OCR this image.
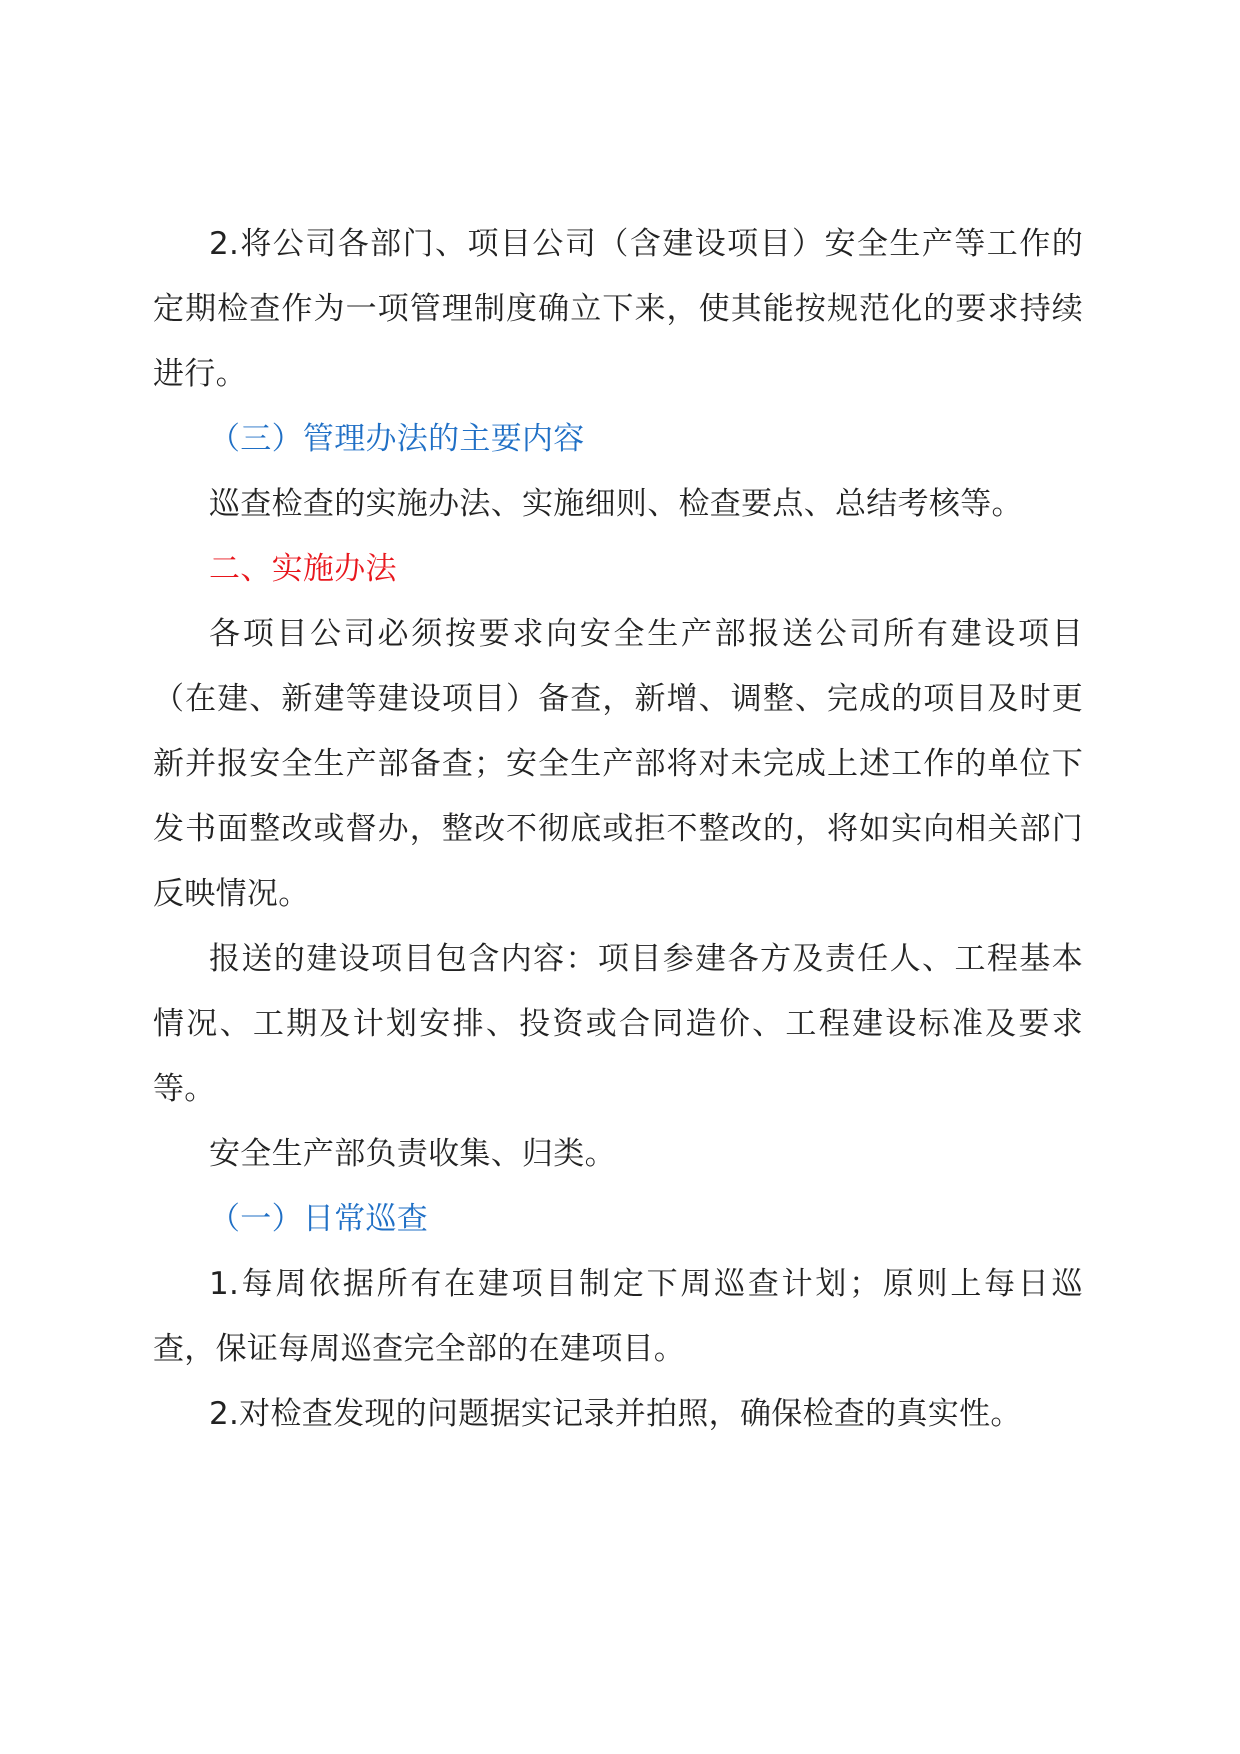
2.将公司各部门、项目公司（含建设项目）安全生产等工作的定期检查作为一项管理制度确立下来，使其能按规范化的要求持续进行。

（三）管理办法的主要内容

巡查检查的实施办法、实施细则、检查要点、总结考核等。

二、实施办法

各项目公司必须按要求向安全生产部报送公司所有建设项目（在建、新建等建设项目）备查，新增、调整、完成的项目及时更新并报安全生产部备查；安全生产部将对未完成上述工作的单位下发书面整改或督办，整改不彻底或拒不整改的，将如实向相关部门反映情况。

报送的建设项目包含内容：项目参建各方及责任人、工程基本情况、工期及计划安排、投资或合同造价、工程建设标准及要求等。

安全生产部负责收集、归类。

（一）日常巡查

1.每周依据所有在建项目制定下周巡查计划；原则上每日巡查，保证每周巡查完全部的在建项目。

2.对检查发现的问题据实记录并拍照，确保检查的真实性。
